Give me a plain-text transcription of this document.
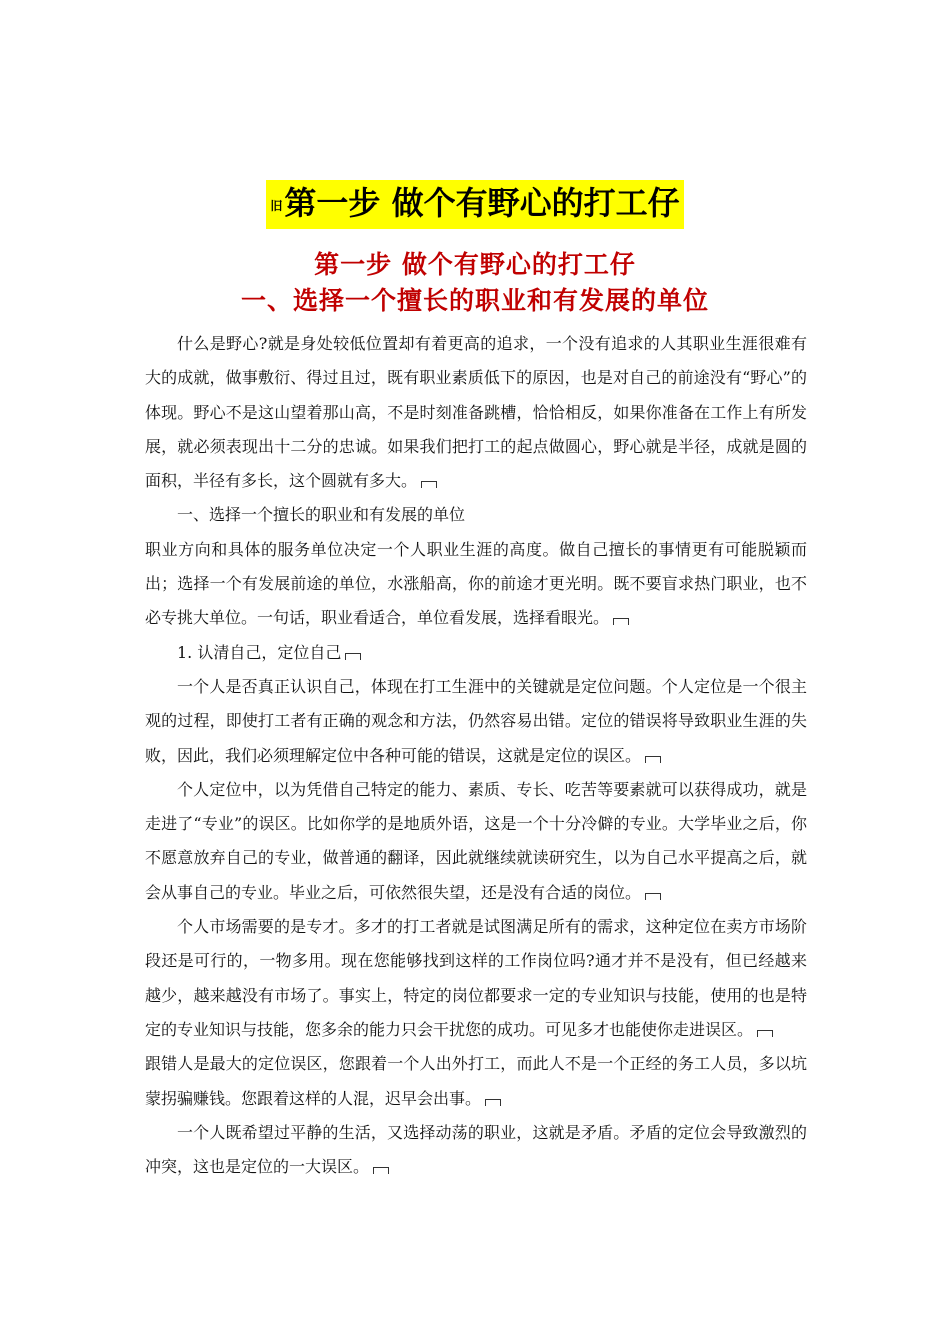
旧第一步 做个有野心的打工仔
第一步 做个有野心的打工仔
一、选择一个擅长的职业和有发展的单位

什么是野心?就是身处较低位置却有着更高的追求，一个没有追求的人其职业生涯很难有大的成就，做事敷衍、得过且过，既有职业素质低下的原因，也是对自己的前途没有“野心”的体现。野心不是这山望着那山高，不是时刻准备跳槽，恰恰相反，如果你准备在工作上有所发展，就必须表现出十二分的忠诚。如果我们把打工的起点做圆心，野心就是半径，成就是圆的面积，半径有多长，这个圆就有多大。

一、选择一个擅长的职业和有发展的单位

职业方向和具体的服务单位决定一个人职业生涯的高度。做自己擅长的事情更有可能脱颖而出；选择一个有发展前途的单位，水涨船高，你的前途才更光明。既不要盲求热门职业，也不必专挑大单位。一句话，职业看适合，单位看发展，选择看眼光。

1. 认清自己，定位自己

一个人是否真正认识自己，体现在打工生涯中的关键就是定位问题。个人定位是一个很主观的过程，即使打工者有正确的观念和方法，仍然容易出错。定位的错误将导致职业生涯的失败，因此，我们必须理解定位中各种可能的错误，这就是定位的误区。

个人定位中，以为凭借自己特定的能力、素质、专长、吃苦等要素就可以获得成功，就是走进了“专业”的误区。比如你学的是地质外语，这是一个十分冷僻的专业。大学毕业之后，你不愿意放弃自己的专业，做普通的翻译，因此就继续就读研究生，以为自己水平提高之后，就会从事自己的专业。毕业之后，可依然很失望，还是没有合适的岗位。

个人市场需要的是专才。多才的打工者就是试图满足所有的需求，这种定位在卖方市场阶段还是可行的，一物多用。现在您能够找到这样的工作岗位吗?通才并不是没有，但已经越来越少，越来越没有市场了。事实上，特定的岗位都要求一定的专业知识与技能，使用的也是特定的专业知识与技能，您多余的能力只会干扰您的成功。可见多才也能使你走进误区。

跟错人是最大的定位误区，您跟着一个人出外打工，而此人不是一个正经的务工人员，多以坑蒙拐骗赚钱。您跟着这样的人混，迟早会出事。

一个人既希望过平静的生活，又选择动荡的职业，这就是矛盾。矛盾的定位会导致激烈的冲突，这也是定位的一大误区。
